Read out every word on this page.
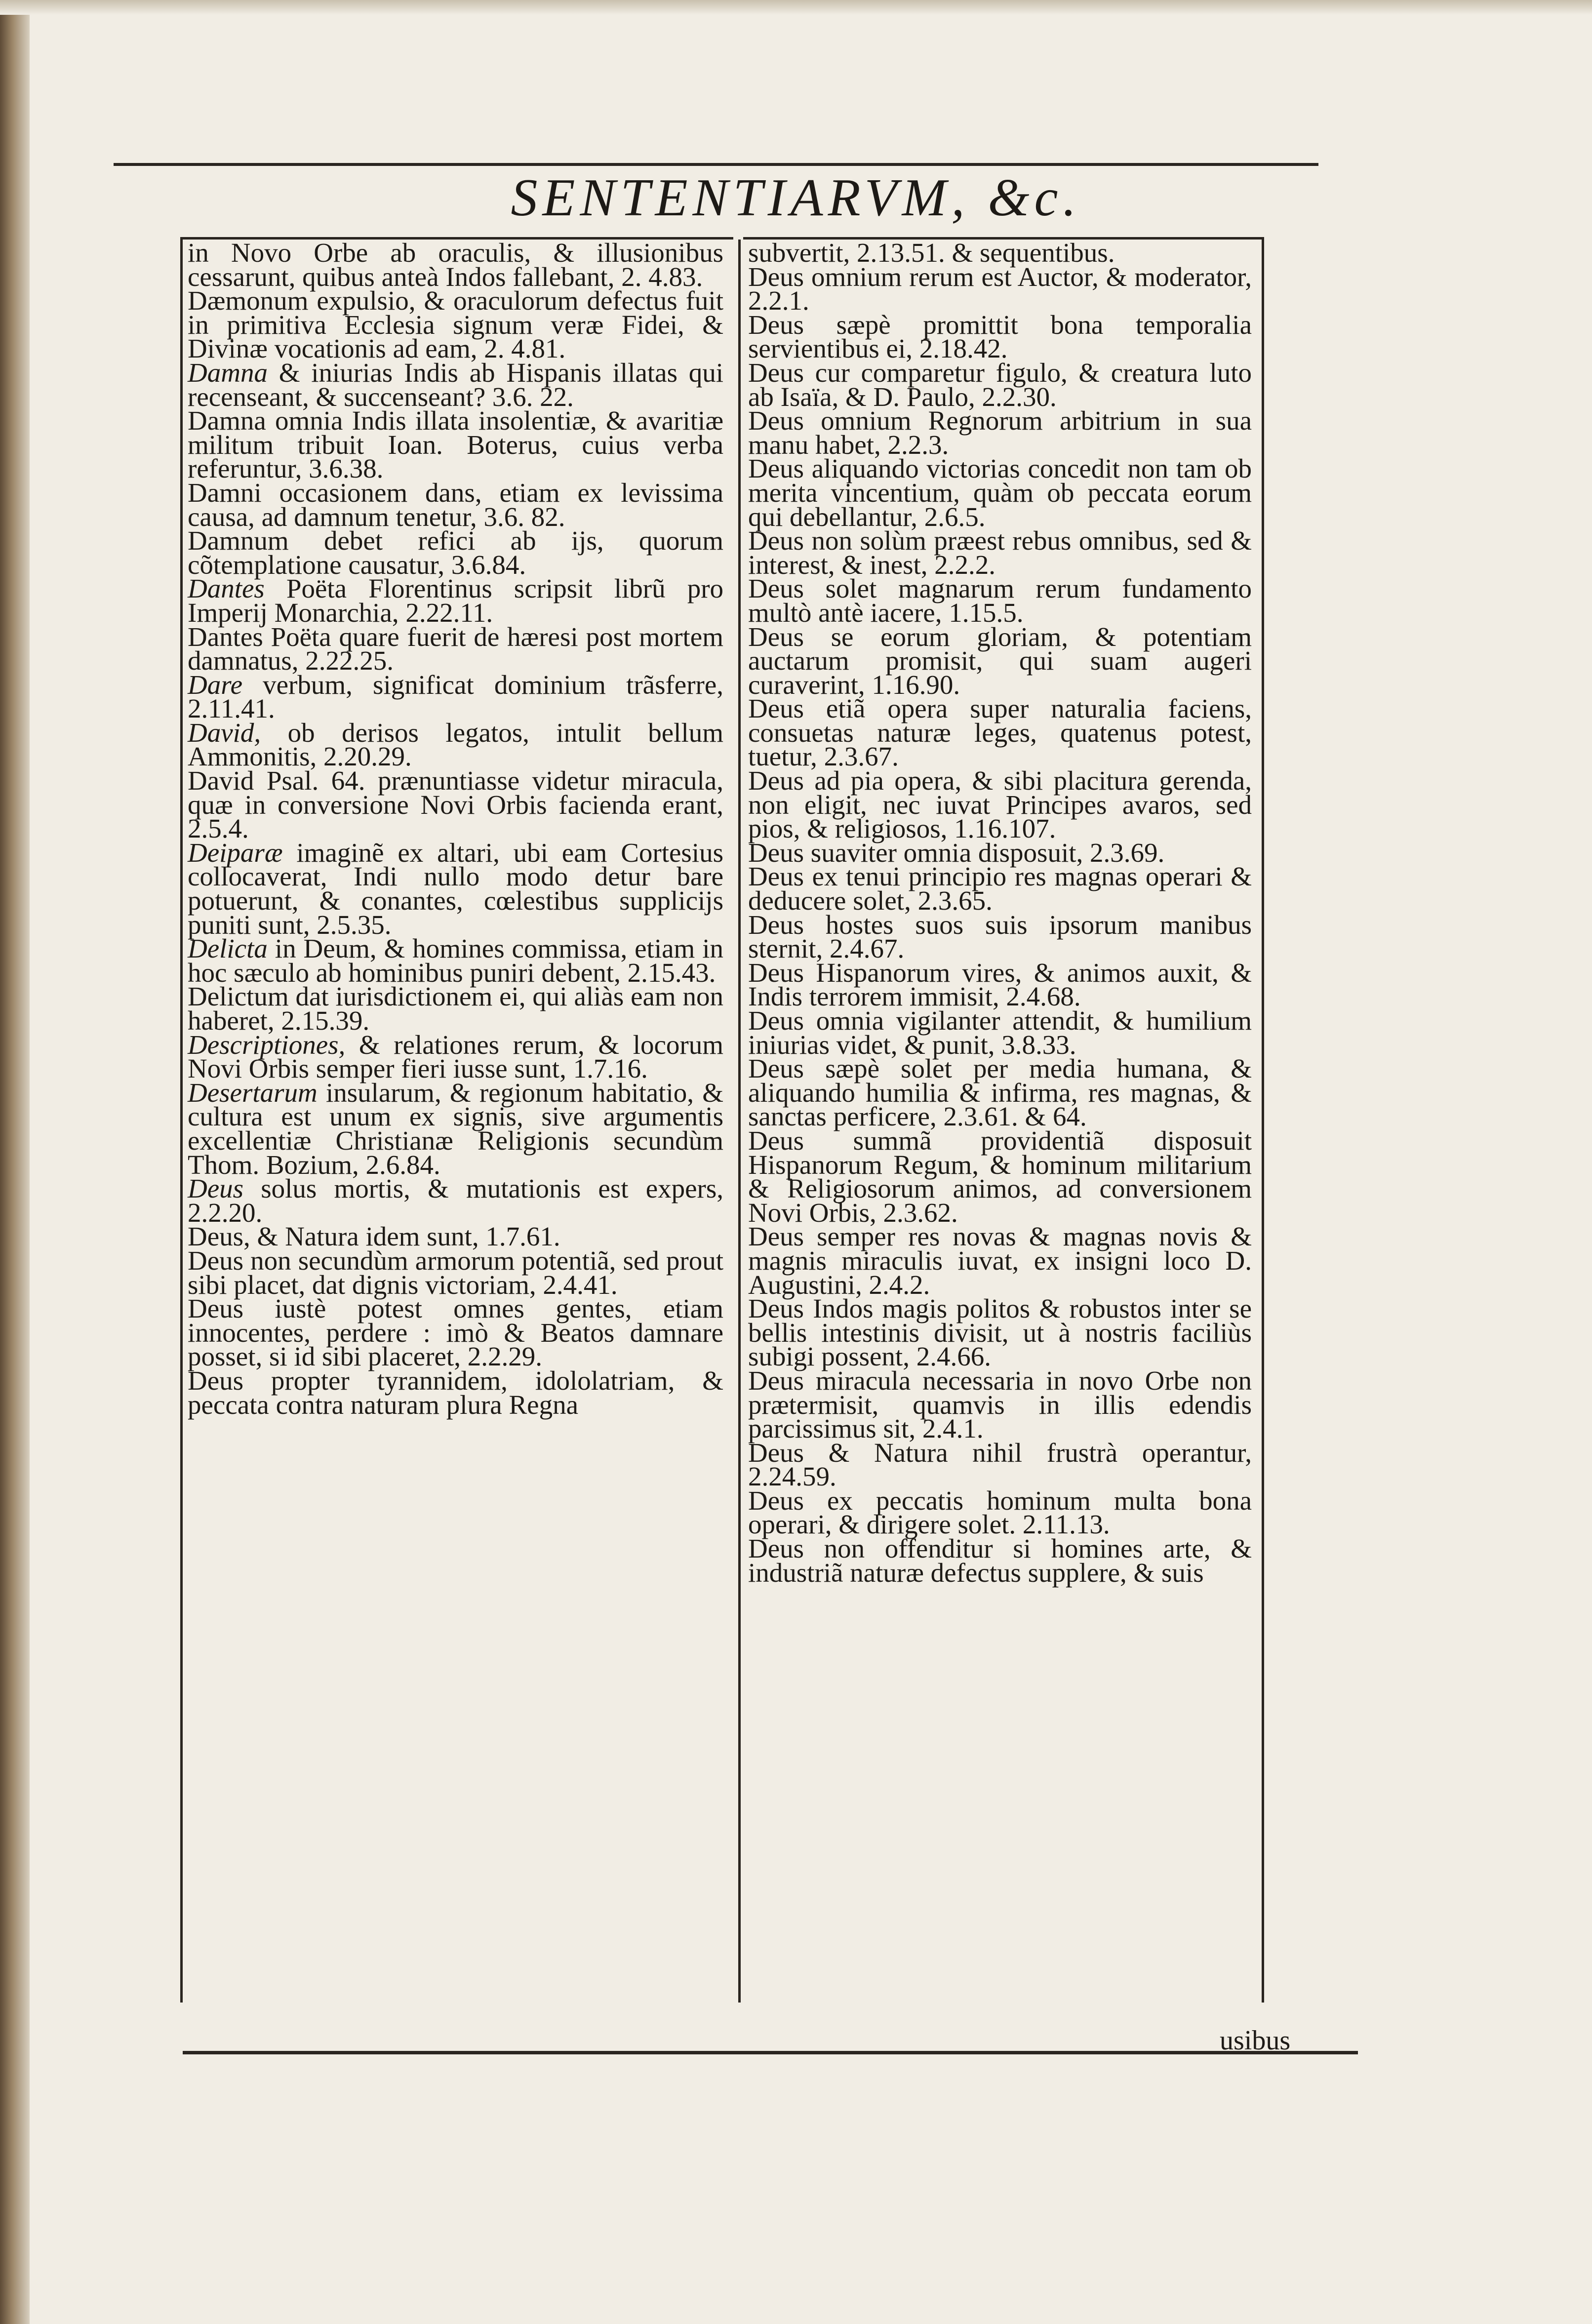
SENTENTIARVM, &c.

in Novo Orbe ab oraculis, & illusionibus cessarunt, quibus anteà Indos fallebant, 2. 4.83.

Dæmonum expulsio, & oraculorum defectus fuit in primitiva Ecclesia signum veræ Fidei, & Divinæ vocationis ad eam, 2. 4.81.

Damna & iniurias Indis ab Hispanis illatas qui recenseant, & succenseant? 3.6. 22.

Damna omnia Indis illata insolentiæ, & avaritiæ militum tribuit Ioan. Boterus, cuius verba referuntur, 3.6.38.

Damni occasionem dans, etiam ex levissima causa, ad damnum tenetur, 3.6. 82.

Damnum debet refici ab ijs, quorum cõtemplatione causatur, 3.6.84.

Dantes Poëta Florentinus scripsit librũ pro Imperij Monarchia, 2.22.11.

Dantes Poëta quare fuerit de hæresi post mortem damnatus, 2.22.25.

Dare verbum, significat dominium trãsferre, 2.11.41.

David, ob derisos legatos, intulit bellum Ammonitis, 2.20.29.

David Psal. 64. prænuntiasse videtur miracula, quæ in conversione Novi Orbis facienda erant, 2.5.4.

Deiparæ imaginẽ ex altari, ubi eam Cortesius collocaverat, Indi nullo modo detur bare potuerunt, & conantes, cœlestibus supplicijs puniti sunt, 2.5.35.

Delicta in Deum, & homines commissa, etiam in hoc sæculo ab hominibus puniri debent, 2.15.43.

Delictum dat iurisdictionem ei, qui aliàs eam non haberet, 2.15.39.

Descriptiones, & relationes rerum, & locorum Novi Orbis semper fieri iusse sunt, 1.7.16.

Desertarum insularum, & regionum habitatio, & cultura est unum ex signis, sive argumentis excellentiæ Christianæ Religionis secundùm Thom. Bozium, 2.6.84.

Deus solus mortis, & mutationis est expers, 2.2.20.

Deus, & Natura idem sunt, 1.7.61.

Deus non secundùm armorum potentiã, sed prout sibi placet, dat dignis victoriam, 2.4.41.

Deus iustè potest omnes gentes, etiam innocentes, perdere : imò & Beatos damnare posset, si id sibi placeret, 2.2.29.

Deus propter tyrannidem, idololatriam, & peccata contra naturam plura Regna

subvertit, 2.13.51. & sequentibus.

Deus omnium rerum est Auctor, & moderator, 2.2.1.

Deus sæpè promittit bona temporalia servientibus ei, 2.18.42.

Deus cur comparetur figulo, & creatura luto ab Isaïa, & D. Paulo, 2.2.30.

Deus omnium Regnorum arbitrium in sua manu habet, 2.2.3.

Deus aliquando victorias concedit non tam ob merita vincentium, quàm ob peccata eorum qui debellantur, 2.6.5.

Deus non solùm præest rebus omnibus, sed & interest, & inest, 2.2.2.

Deus solet magnarum rerum fundamento multò antè iacere, 1.15.5.

Deus se eorum gloriam, & potentiam auctarum promisit, qui suam augeri curaverint, 1.16.90.

Deus etiã opera super naturalia faciens, consuetas naturæ leges, quatenus potest, tuetur, 2.3.67.

Deus ad pia opera, & sibi placitura gerenda, non eligit, nec iuvat Principes avaros, sed pios, & religiosos, 1.16.107.

Deus suaviter omnia disposuit, 2.3.69.

Deus ex tenui principio res magnas operari & deducere solet, 2.3.65.

Deus hostes suos suis ipsorum manibus sternit, 2.4.67.

Deus Hispanorum vires, & animos auxit, & Indis terrorem immisit, 2.4.68.

Deus omnia vigilanter attendit, & humilium iniurias videt, & punit, 3.8.33.

Deus sæpè solet per media humana, & aliquando humilia & infirma, res magnas, & sanctas perficere, 2.3.61. & 64.

Deus summã providentiã disposuit Hispanorum Regum, & hominum militarium & Religiosorum animos, ad conversionem Novi Orbis, 2.3.62.

Deus semper res novas & magnas novis & magnis miraculis iuvat, ex insigni loco D. Augustini, 2.4.2.

Deus Indos magis politos & robustos inter se bellis intestinis divisit, ut à nostris faciliùs subigi possent, 2.4.66.

Deus miracula necessaria in novo Orbe non prætermisit, quamvis in illis edendis parcissimus sit, 2.4.1.

Deus & Natura nihil frustrà operantur, 2.24.59.

Deus ex peccatis hominum multa bona operari, & dirigere solet. 2.11.13.

Deus non offenditur si homines arte, & industriã naturæ defectus supplere, & suis

usibus
